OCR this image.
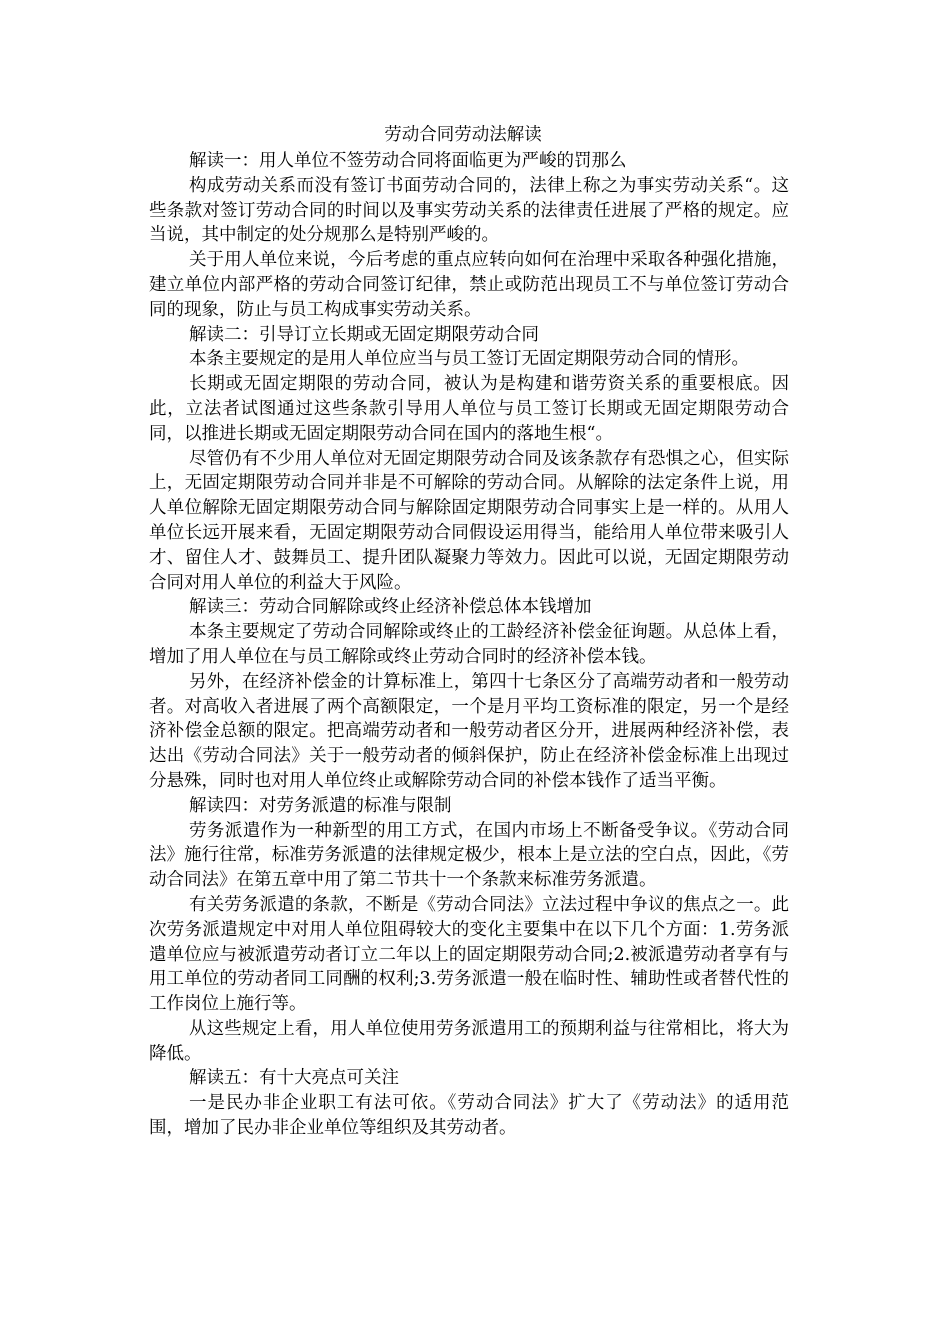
劳动合同劳动法解读

解读一：用人单位不签劳动合同将面临更为严峻的罚那么

构成劳动关系而没有签订书面劳动合同的，法律上称之为事实劳动关系“。这些条款对签订劳动合同的时间以及事实劳动关系的法律责任进展了严格的规定。应当说，其中制定的处分规那么是特别严峻的。

关于用人单位来说，今后考虑的重点应转向如何在治理中采取各种强化措施，建立单位内部严格的劳动合同签订纪律，禁止或防范出现员工不与单位签订劳动合同的现象，防止与员工构成事实劳动关系。

解读二：引导订立长期或无固定期限劳动合同

本条主要规定的是用人单位应当与员工签订无固定期限劳动合同的情形。

长期或无固定期限的劳动合同，被认为是构建和谐劳资关系的重要根底。因此，立法者试图通过这些条款引导用人单位与员工签订长期或无固定期限劳动合同，以推进长期或无固定期限劳动合同在国内的落地生根“。

尽管仍有不少用人单位对无固定期限劳动合同及该条款存有恐惧之心，但实际上，无固定期限劳动合同并非是不可解除的劳动合同。从解除的法定条件上说，用人单位解除无固定期限劳动合同与解除固定期限劳动合同事实上是一样的。从用人单位长远开展来看，无固定期限劳动合同假设运用得当，能给用人单位带来吸引人才、留住人才、鼓舞员工、提升团队凝聚力等效力。因此可以说，无固定期限劳动合同对用人单位的利益大于风险。

解读三：劳动合同解除或终止经济补偿总体本钱增加

本条主要规定了劳动合同解除或终止的工龄经济补偿金征询题。从总体上看，增加了用人单位在与员工解除或终止劳动合同时的经济补偿本钱。

另外，在经济补偿金的计算标准上，第四十七条区分了高端劳动者和一般劳动者。对高收入者进展了两个高额限定，一个是月平均工资标准的限定，另一个是经济补偿金总额的限定。把高端劳动者和一般劳动者区分开，进展两种经济补偿，表达出《劳动合同法》关于一般劳动者的倾斜保护，防止在经济补偿金标准上出现过分悬殊，同时也对用人单位终止或解除劳动合同的补偿本钱作了适当平衡。

解读四：对劳务派遣的标准与限制

劳务派遣作为一种新型的用工方式，在国内市场上不断备受争议。《劳动合同法》施行往常，标准劳务派遣的法律规定极少，根本上是立法的空白点，因此，《劳动合同法》在第五章中用了第二节共十一个条款来标准劳务派遣。

有关劳务派遣的条款，不断是《劳动合同法》立法过程中争议的焦点之一。此次劳务派遣规定中对用人单位阻碍较大的变化主要集中在以下几个方面：1.劳务派遣单位应与被派遣劳动者订立二年以上的固定期限劳动合同;2.被派遣劳动者享有与用工单位的劳动者同工同酬的权利;3.劳务派遣一般在临时性、辅助性或者替代性的工作岗位上施行等。

从这些规定上看，用人单位使用劳务派遣用工的预期利益与往常相比，将大为降低。

解读五：有十大亮点可关注

一是民办非企业职工有法可依。《劳动合同法》扩大了《劳动法》的适用范围，增加了民办非企业单位等组织及其劳动者。
